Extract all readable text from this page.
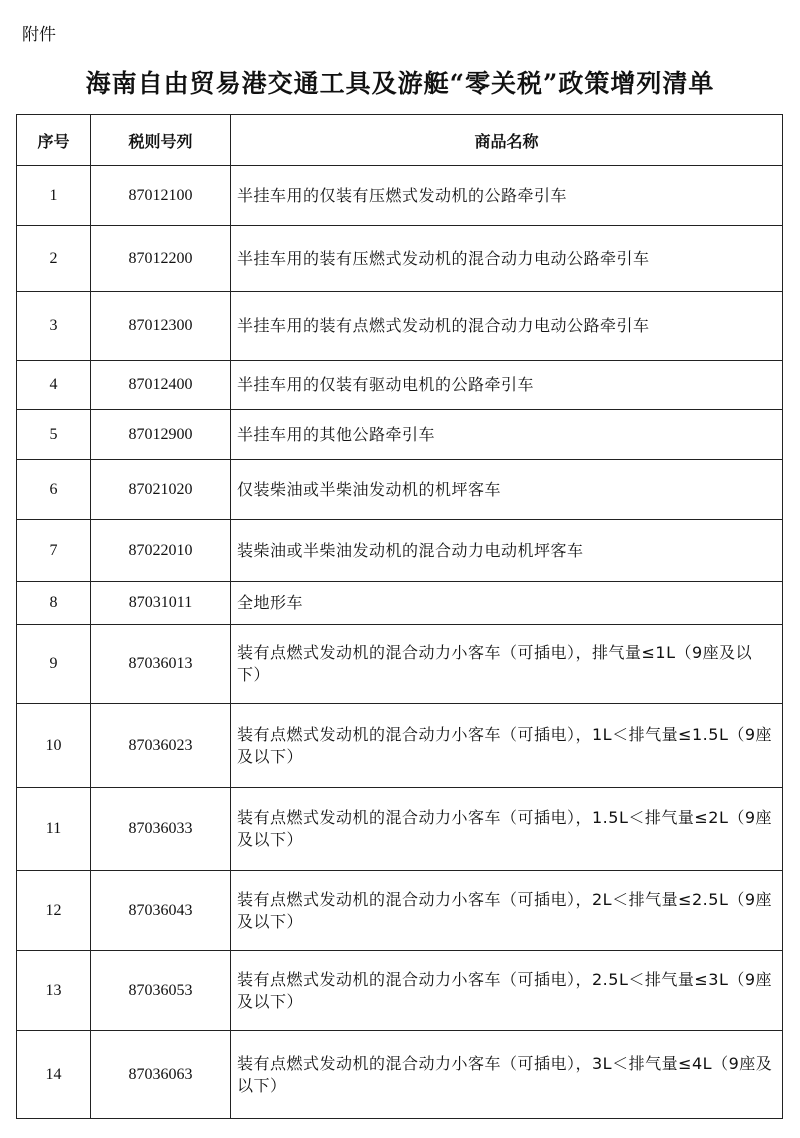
附件
海南自由贸易港交通工具及游艇“零关税”政策增列清单
序号	税则号列	商品名称
1	87012100	半挂车用的仅装有压燃式发动机的公路牵引车
2	87012200	半挂车用的装有压燃式发动机的混合动力电动公路牵引车
3	87012300	半挂车用的装有点燃式发动机的混合动力电动公路牵引车
4	87012400	半挂车用的仅装有驱动电机的公路牵引车
5	87012900	半挂车用的其他公路牵引车
6	87021020	仅装柴油或半柴油发动机的机坪客车
7	87022010	装柴油或半柴油发动机的混合动力电动机坪客车
8	87031011	全地形车
9	87036013	装有点燃式发动机的混合动力小客车（可插电），排气量≤1L（9座及以下）
10	87036023	装有点燃式发动机的混合动力小客车（可插电），1L＜排气量≤1.5L（9座及以下）
11	87036033	装有点燃式发动机的混合动力小客车（可插电），1.5L＜排气量≤2L（9座及以下）
12	87036043	装有点燃式发动机的混合动力小客车（可插电），2L＜排气量≤2.5L（9座及以下）
13	87036053	装有点燃式发动机的混合动力小客车（可插电），2.5L＜排气量≤3L（9座及以下）
14	87036063	装有点燃式发动机的混合动力小客车（可插电），3L＜排气量≤4L（9座及以下）
